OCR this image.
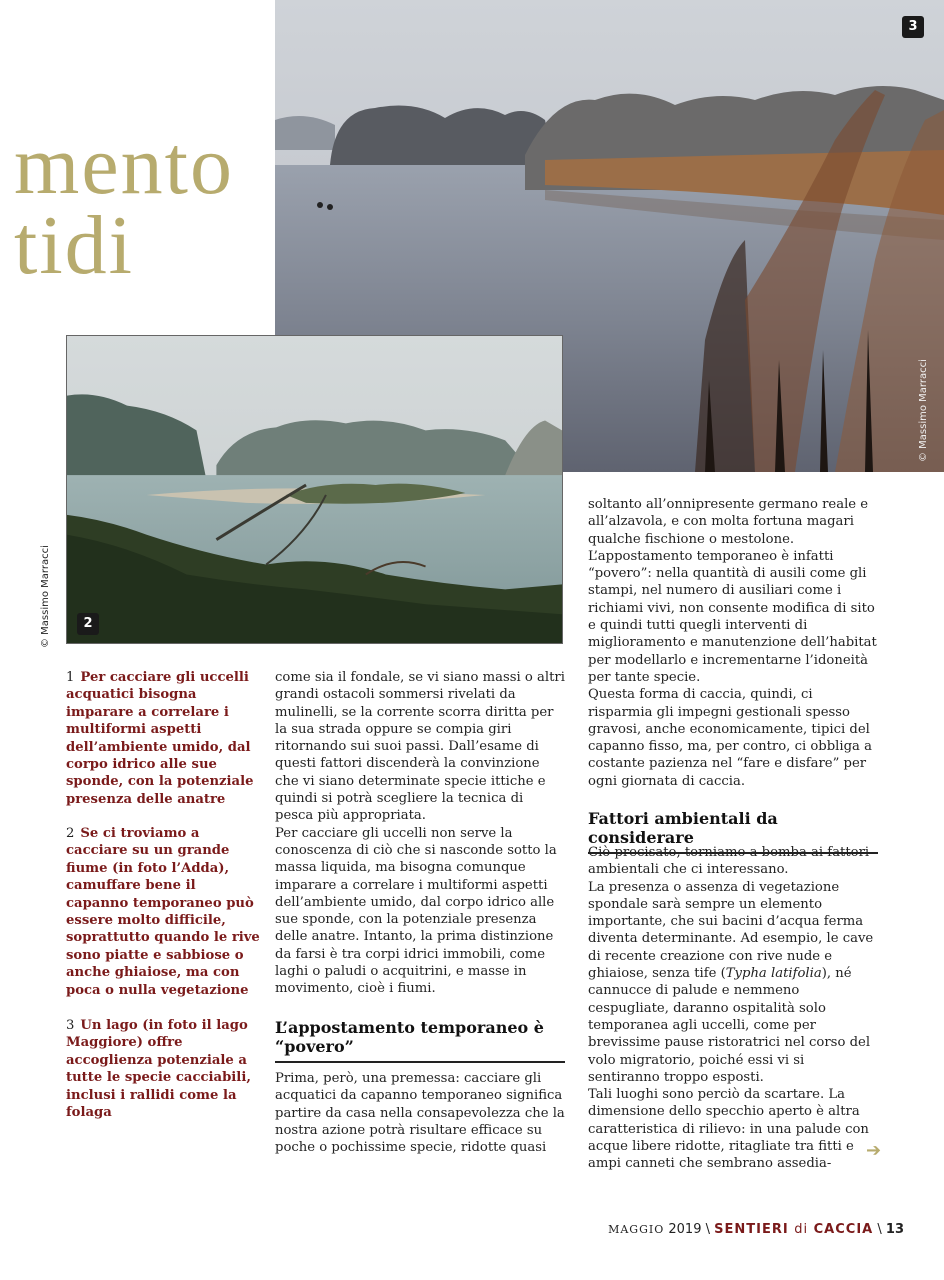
mento
tidi
3
© Massimo Marracci
2
© Massimo Marracci
1 Per cacciare gli uccelli acquatici bisogna imparare a correlare i multiformi aspetti dell’ambiente umido, dal corpo idrico alle sue sponde, con la potenziale presenza delle anatre
2 Se ci troviamo a cacciare su un grande fiume (in foto l’Adda), camuffare bene il capanno temporaneo può essere molto difficile, soprattutto quando le rive sono piatte e sabbiose o anche ghiaiose, ma con poca o nulla vegetazione
3 Un lago (in foto il lago Maggiore) offre accoglienza potenziale a tutte le specie cacciabili, inclusi i rallidi come la folaga

come sia il fondale, se vi siano massi o altri grandi ostacoli sommersi rivelati da mulinelli, se la corrente scorra diritta per la sua strada oppure se compia giri ritornando sui suoi passi. Dall’esame di questi fattori discenderà la convinzione che vi siano determinate specie ittiche e quindi si potrà scegliere la tecnica di pesca più appropriata.

Per cacciare gli uccelli non serve la conoscenza di ciò che si nasconde sotto la massa liquida, ma bisogna comunque imparare a correlare i multiformi aspetti dell’ambiente umido, dal corpo idrico alle sue sponde, con la potenziale presenza delle anatre. Intanto, la prima distinzione da farsi è tra corpi idrici immobili, come laghi o paludi o acquitrini, e masse in movimento, cioè i fiumi.

L’appostamento temporaneo è “povero”

Prima, però, una premessa: cacciare gli acquatici da capanno temporaneo significa partire da casa nella consapevolezza che la nostra azione potrà risultare efficace su poche o pochissime specie, ridotte quasi

soltanto all’onnipresente germano reale e all’alzavola, e con molta fortuna magari qualche fischione o mestolone.

L’appostamento temporaneo è infatti “povero”: nella quantità di ausili come gli stampi, nel numero di ausiliari come i richiami vivi, non consente modifica di sito e quindi tutti quegli interventi di miglioramento e manutenzione dell’habitat per modellarlo e incrementarne l’idoneità per tante specie.

Questa forma di caccia, quindi, ci risparmia gli impegni gestionali spesso gravosi, anche economicamente, tipici del capanno fisso, ma, per contro, ci obbliga a costante pazienza nel “fare e disfare” per ogni giornata di caccia.

Fattori ambientali da considerare

Ciò precisato, torniamo a bomba ai fattori ambientali che ci interessano.

La presenza o assenza di vegetazione spondale sarà sempre un elemento importante, che sui bacini d’acqua ferma diventa determinante. Ad esempio, le cave di recente creazione con rive nude e ghiaiose, senza tife (Typha latifolia), né cannucce di palude e nemmeno cespugliate, daranno ospitalità solo temporanea agli uccelli, come per brevissime pause ristoratrici nel corso del volo migratorio, poiché essi vi si sentiranno troppo esposti.

Tali luoghi sono perciò da scartare. La dimensione dello specchio aperto è altra caratteristica di rilievo: in una palude con acque libere ridotte, ritagliate tra fitti e ampi canneti che sembrano assedia-

➔
MAGGIO 2019 \ SENTIERI di CACCIA \ 13
